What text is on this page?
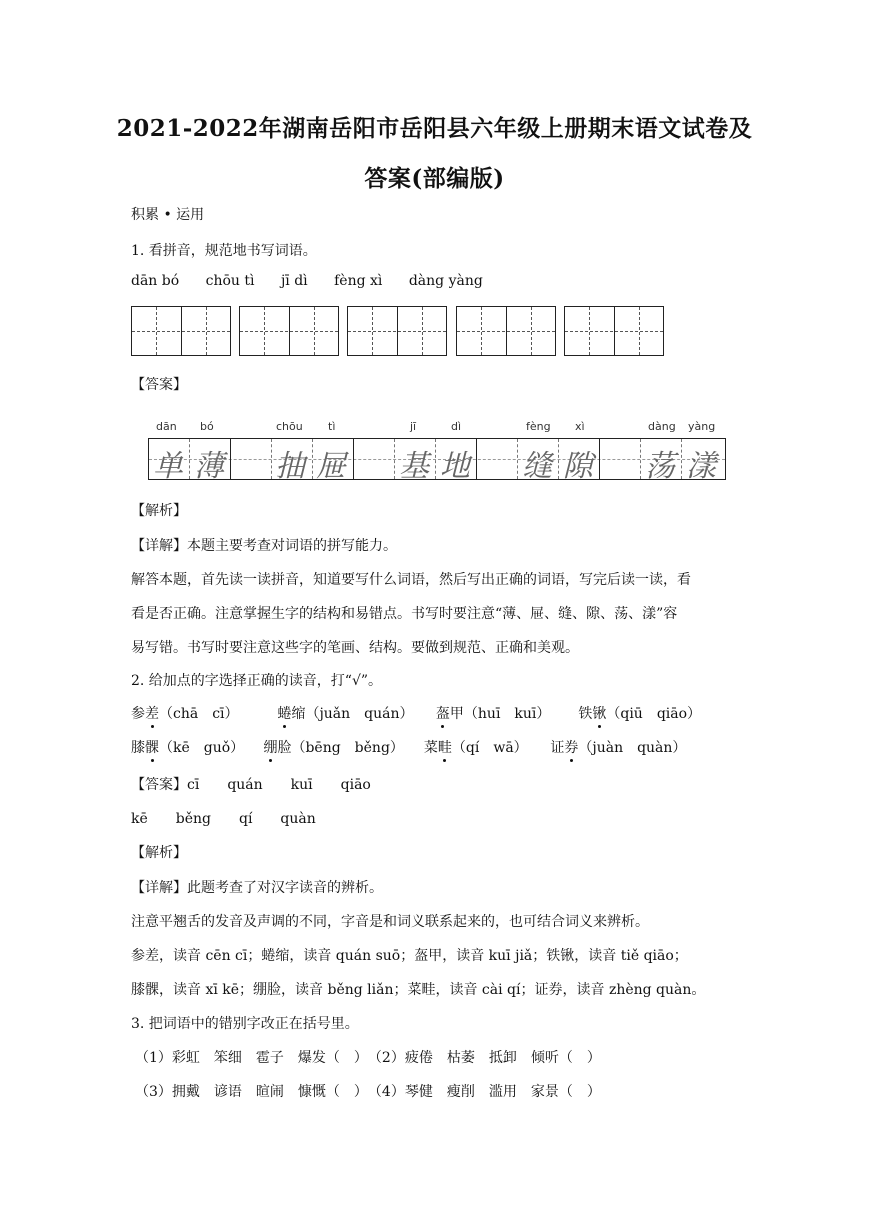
2021-2022年湖南岳阳市岳阳县六年级上册期末语文试卷及
答案(部编版)
积累 • 运用
1. 看拼音，规范地书写词语。
dān bó chōu tì jī dì fèng xì dàng yàng
【答案】
dān bó	chōu tì	jī	dì	fèng xì	dàng yàng
单 薄 抽 屉 基 地 缝 隙 荡 漾
【解析】
【详解】本题主要考查对词语的拼写能力。
解答本题，首先读一读拼音，知道要写什么词语，然后写出正确的词语，写完后读一读，看
看是否正确。注意掌握生字的结构和易错点。书写时要注意“薄、屉、缝、隙、荡、漾”容
易写错。书写时要注意这些字的笔画、结构。要做到规范、正确和美观。
2. 给加点的字选择正确的读音，打“√”。
参差（chā　cī）	蜷缩（juǎn　quán） 盔甲（huī　kuī） 铁锹（qiū　qiāo）
膝髁（kē　guǒ） 绷脸（bēng　běng） 菜畦（qí　wā） 证券（juàn　quàn）
【答案】cī　　quán　　kuī　　qiāo
kē　　běng　　qí　　quàn
【解析】
【详解】此题考查了对汉字读音的辨析。
注意平翘舌的发音及声调的不同，字音是和词义联系起来的，也可结合词义来辨析。
参差，读音 cēn cī；蜷缩，读音 quán suō；盔甲，读音 kuī jiǎ；铁锹，读音 tiě qiāo；
膝髁，读音 xī kē；绷脸，读音 běng liǎn；菜畦，读音 cài qí；证券，读音 zhèng quàn。
3. 把词语中的错别字改正在括号里。
（1）彩虹　笨细　雹子　爆发（　）　（2）疲倦　枯萎　抵卸　倾听（　）
（3）拥戴　谚语　暄闹　慷慨（　）　（4）琴健　瘦削　滥用　家景（　）
